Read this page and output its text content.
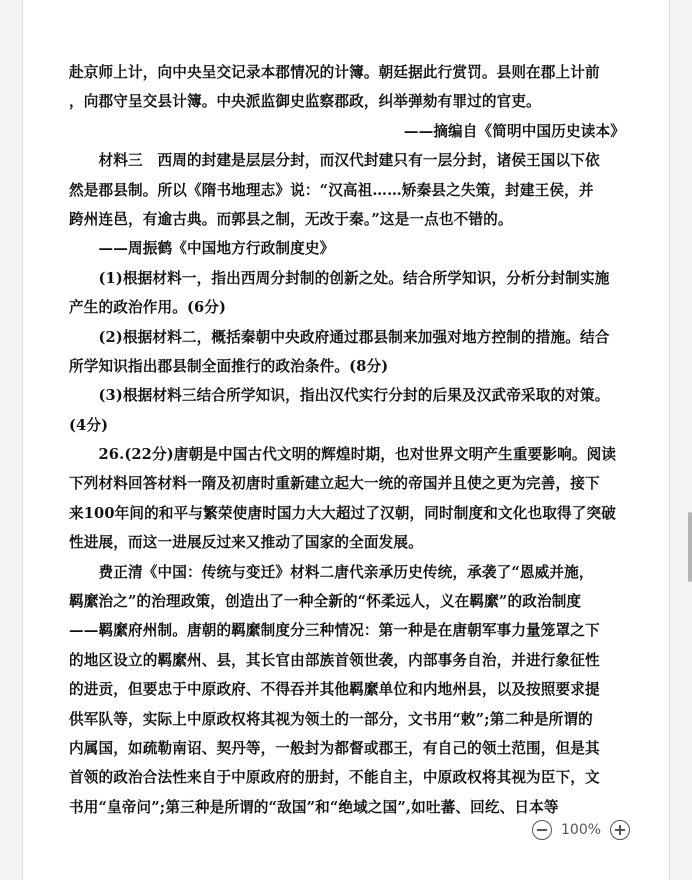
赴京师上计，向中央呈交记录本郡情况的计簿。朝廷据此行赏罚。县则在郡上计前
，向郡守呈交县计簿。中央派监御史监察郡政，纠举弹劾有罪过的官吏。
——摘编自《简明中国历史读本》
　　材料三　西周的封建是层层分封，而汉代封建只有一层分封，诸侯王国以下依
然是郡县制。所以《隋书地理志》说：“汉高祖……矫秦县之失策，封建王侯，并
跨州连邑，有逾古典。而郭县之制，无改于秦。”这是一点也不错的。
　　——周振鹤《中国地方行政制度史》
　　(1)根据材料一，指出西周分封制的创新之处。结合所学知识，分析分封制实施
产生的政治作用。(6分)
　　(2)根据材料二，概括秦朝中央政府通过郡县制来加强对地方控制的措施。结合
所学知识指出郡县制全面推行的政治条件。(8分)
　　(3)根据材料三结合所学知识，指出汉代实行分封的后果及汉武帝采取的对策。
(4分)
　　26.(22分)唐朝是中国古代文明的辉煌时期，也对世界文明产生重要影响。阅读
下列材料回答材料一隋及初唐时重新建立起大一统的帝国并且使之更为完善，接下
来100年间的和平与繁荣使唐时国力大大超过了汉朝，同时制度和文化也取得了突破
性进展，而这一进展反过来又推动了国家的全面发展。
　　费正清《中国：传统与变迁》材料二唐代亲承历史传统，承袭了“恩威并施，
羁縻治之”的治理政策，创造出了一种全新的“怀柔远人，义在羁縻”的政治制度
——羁縻府州制。唐朝的羁縻制度分三种情况：第一种是在唐朝军事力量笼罩之下
的地区设立的羁縻州、县，其长官由部族首领世袭，内部事务自治，并进行象征性
的进贡，但要忠于中原政府、不得吞并其他羁縻单位和内地州县，以及按照要求提
供军队等，实际上中原政权将其视为领土的一部分，文书用“敕”;第二种是所谓的
内属国，如疏勒南诏、契丹等，一般封为都督或郡王，有自己的领土范围，但是其
首领的政治合法性来自于中原政府的册封，不能自主，中原政权将其视为臣下，文
书用“皇帝问”;第三种是所谓的“敌国”和“绝域之国”,如吐蕃、回纥、日本等
100%
